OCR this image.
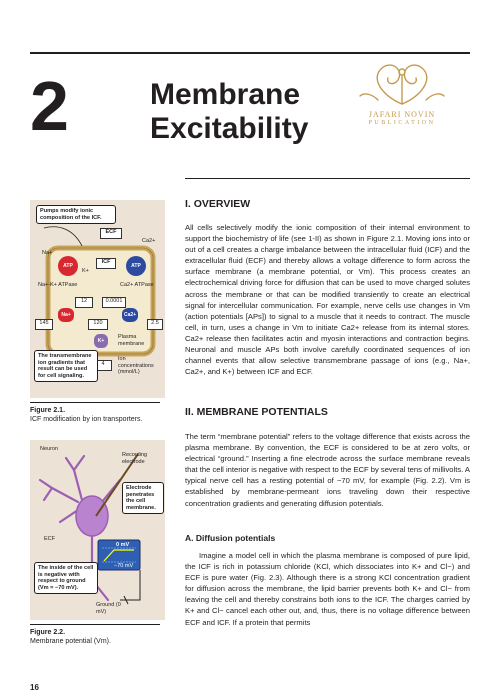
2	Membrane
Excitability	JAFARI NOVIN
PUBLICATION
I. OVERVIEW
All cells selectively modify the ionic composition of their internal environment to support the biochemistry of life (see 1-II) as shown in Figure 2.1. Moving ions into or out of a cell creates a charge imbalance between the intracellular fluid (ICF) and the extracellular fluid (ECF) and thereby allows a voltage difference to form across the surface membrane (a membrane potential, or Vm). This process creates an electrochemical driving force for diffusion that can be used to move charged solutes across the membrane or that can be modified transiently to create an electrical signal for intercellular communication. For example, nerve cells use changes in Vm (action potentials [APs]) to signal to a muscle that it needs to contract. The muscle cell, in turn, uses a change in Vm to initiate Ca2+ release from its internal stores. Ca2+ release then facilitates actin and myosin interactions and contraction begins. Neuronal and muscle APs both involve carefully coordinated sequences of ion channel events that allow selective transmembrane passage of ions (e.g., Na+, Ca2+, and K+) between ICF and ECF.
II. MEMBRANE POTENTIALS
The term “membrane potential” refers to the voltage difference that exists across the plasma membrane. By convention, the ECF is considered to be at zero volts, or electrical “ground.” Inserting a fine electrode across the surface membrane reveals that the cell interior is negative with respect to the ECF by several tens of millivolts. A typical nerve cell has a resting potential of −70 mV, for example (Fig. 2.2). Vm is established by membrane-permeant ions traveling down their respective concentration gradients and generating diffusion potentials.
A. Diffusion potentials
Imagine a model cell in which the plasma membrane is composed of pure lipid, the ICF is rich in potassium chloride (KCl, which dissociates into K+ and Cl−) and ECF is pure water (Fig. 2.3). Although there is a strong KCl concentration gradient for diffusion across the membrane, the lipid barrier prevents both K+ and Cl− from leaving the cell and thereby constrains both ions to the ICF. The charges carried by K+ and Cl− cancel each other out, and, thus, there is no voltage difference between ECF and ICF. If a protein that permits
Pumps modify ionic composition of the ICF.
ECF
ICF
ATP	ATP
Na+
K+
Ca2+
Na+-K+ ATPase	Ca2+ ATPase
12	0.0001
Na+	Ca2+
145	120	2.5
K+
Plasma membrane
4
Ion concentrations (mmol/L)
The transmembrane ion gradients that result can be used for cell signaling.
Figure 2.1.
ICF modification by ion transporters.
Neuron
Recording electrode
Electrode penetrates the cell membrane.
ECF
The inside of the cell is negative with respect to ground (Vm = −70 mV).
0 mV
−70 mV
Ground (0 mV)
Figure 2.2.
Membrane potential (Vm).
16
